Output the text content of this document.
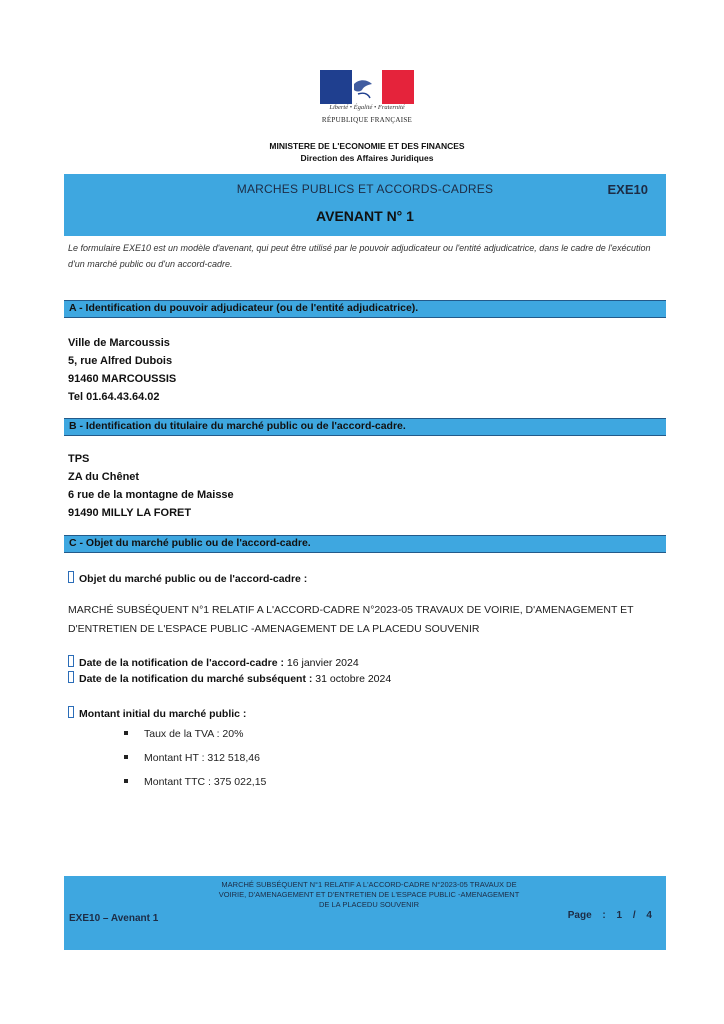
Liberté • Égalité • Fraternité
RÉPUBLIQUE FRANÇAISE
MINISTERE DE L'ECONOMIE ET DES FINANCES
Direction des Affaires Juridiques
MARCHES PUBLICS ET ACCORDS-CADRES	EXE10
AVENANT N° 1
Le formulaire EXE10 est un modèle d'avenant, qui peut être utilisé par le pouvoir adjudicateur ou l'entité adjudicatrice, dans le cadre de l'exécution d'un marché public ou d'un accord-cadre.
A - Identification du pouvoir adjudicateur (ou de l'entité adjudicatrice).
Ville de Marcoussis
5, rue Alfred Dubois
91460 MARCOUSSIS
Tel 01.64.43.64.02
B - Identification du titulaire du marché public ou de l'accord-cadre.
TPS
ZA du Chênet
6 rue de la montagne de Maisse
91490 MILLY LA FORET
C - Objet du marché public ou de l'accord-cadre.
Objet du marché public ou de l'accord-cadre :
MARCHÉ SUBSÉQUENT N°1 RELATIF A L'ACCORD-CADRE N°2023-05 TRAVAUX DE VOIRIE, D'AMENAGEMENT ET
D'ENTRETIEN DE L'ESPACE PUBLIC -AMENAGEMENT DE LA PLACEDU SOUVENIR
Date de la notification de l'accord-cadre : 16 janvier 2024
Date de la notification du marché subséquent : 31 octobre 2024
Montant initial du marché public :
Taux de la TVA : 20%
Montant HT : 312 518,46
Montant TTC : 375 022,15
MARCHÉ SUBSÉQUENT N°1 RELATIF A L'ACCORD-CADRE N°2023-05 TRAVAUX DE
VOIRIE, D'AMENAGEMENT ET D'ENTRETIEN DE L'ESPACE PUBLIC -AMENAGEMENT
DE LA PLACEDU SOUVENIR
EXE10 – Avenant 1	Page : 1 / 4
